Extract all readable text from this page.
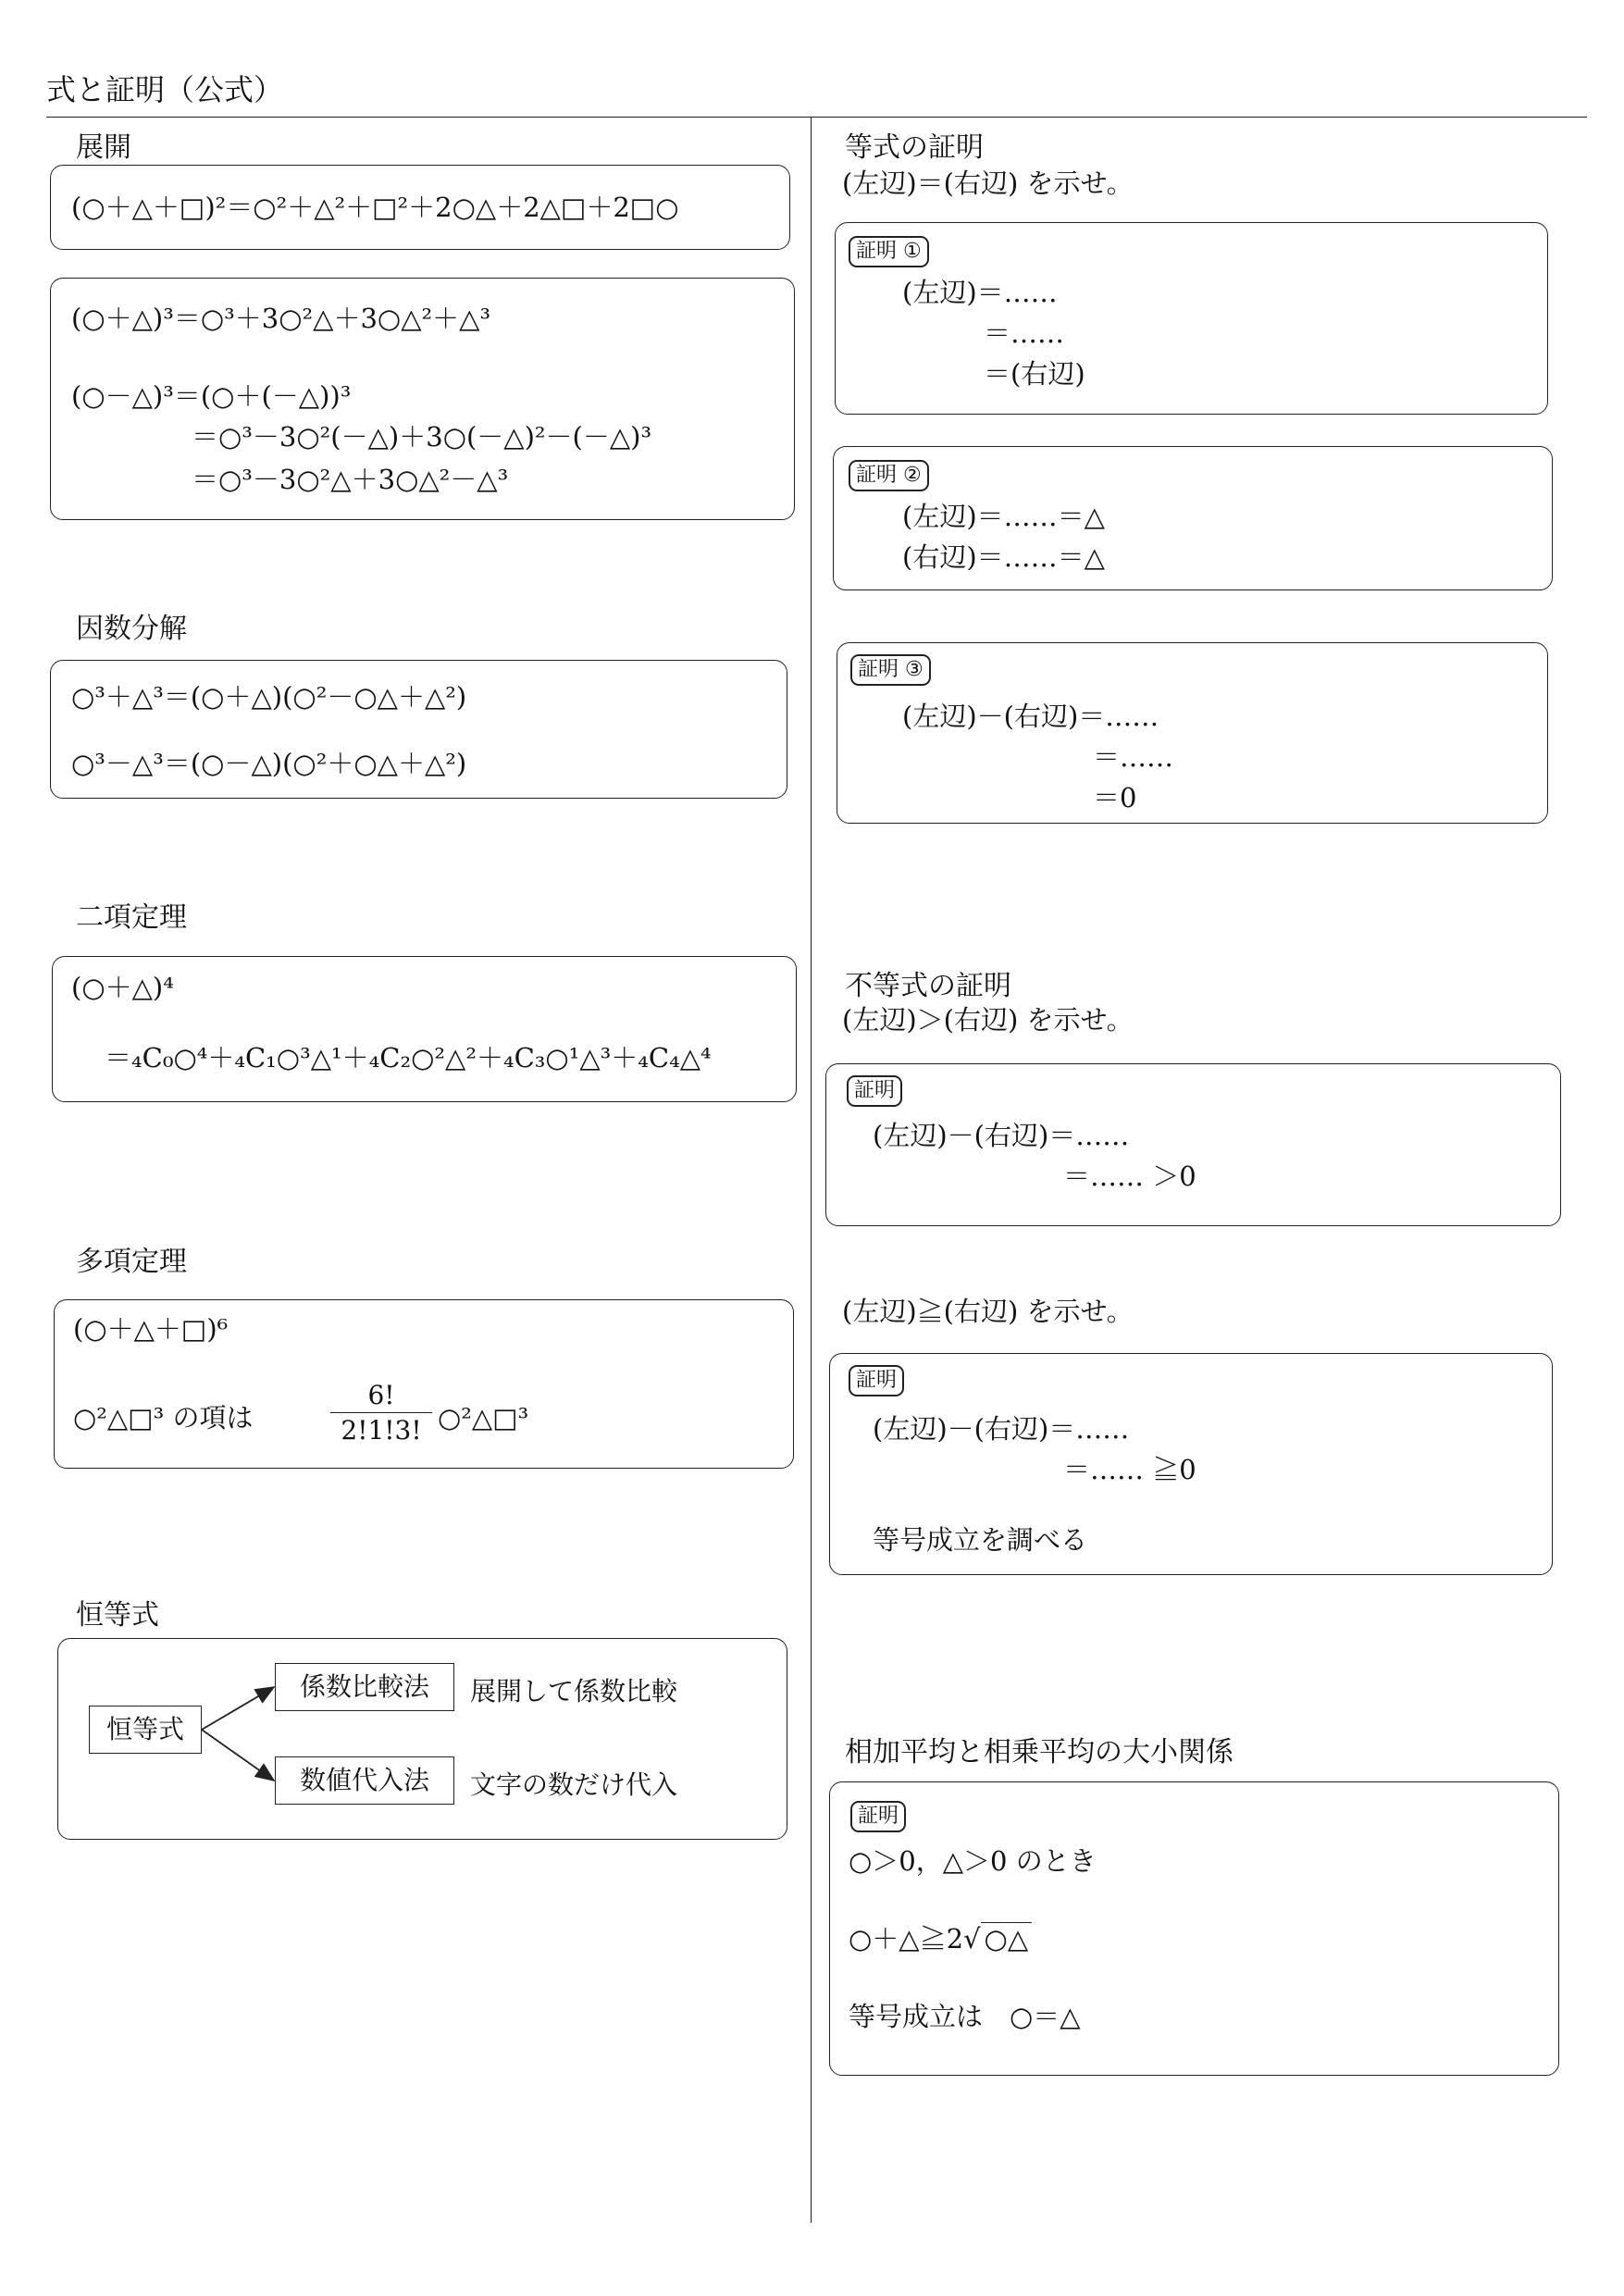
式と証明（公式）
展開
(○＋△＋□)²＝○²＋△²＋□²＋2○△＋2△□＋2□○
(○＋△)³＝○³＋3○²△＋3○△²＋△³
(○－△)³＝(○＋(－△))³
＝○³－3○²(－△)＋3○(－△)²－(－△)³
＝○³－3○²△＋3○△²－△³
因数分解
○³＋△³＝(○＋△)(○²－○△＋△²)
○³－△³＝(○－△)(○²＋○△＋△²)
二項定理
(○＋△)⁴
＝₄C₀○⁴＋₄C₁○³△¹＋₄C₂○²△²＋₄C₃○¹△³＋₄C₄△⁴
多項定理
(○＋△＋□)⁶
○²△□³ の項は
6!
2!1!3! ○²△□³
恒等式
恒等式
係数比較法
数値代入法
展開して係数比較
文字の数だけ代入
等式の証明
(左辺)＝(右辺) を示せ。
証明 ①
(左辺)＝……
＝……
＝(右辺)
証明 ②
(左辺)＝……＝△
(右辺)＝……＝△
証明 ③
(左辺)－(右辺)＝……
＝……
＝0
不等式の証明
(左辺)＞(右辺) を示せ。
証明
(左辺)－(右辺)＝……
＝…… ＞0
(左辺)≧(右辺) を示せ。
証明
(左辺)－(右辺)＝……
＝…… ≧0
等号成立を調べる
相加平均と相乗平均の大小関係
証明
○＞0，△＞0 のとき
○＋△≧2√ ○△
等号成立は　○＝△
